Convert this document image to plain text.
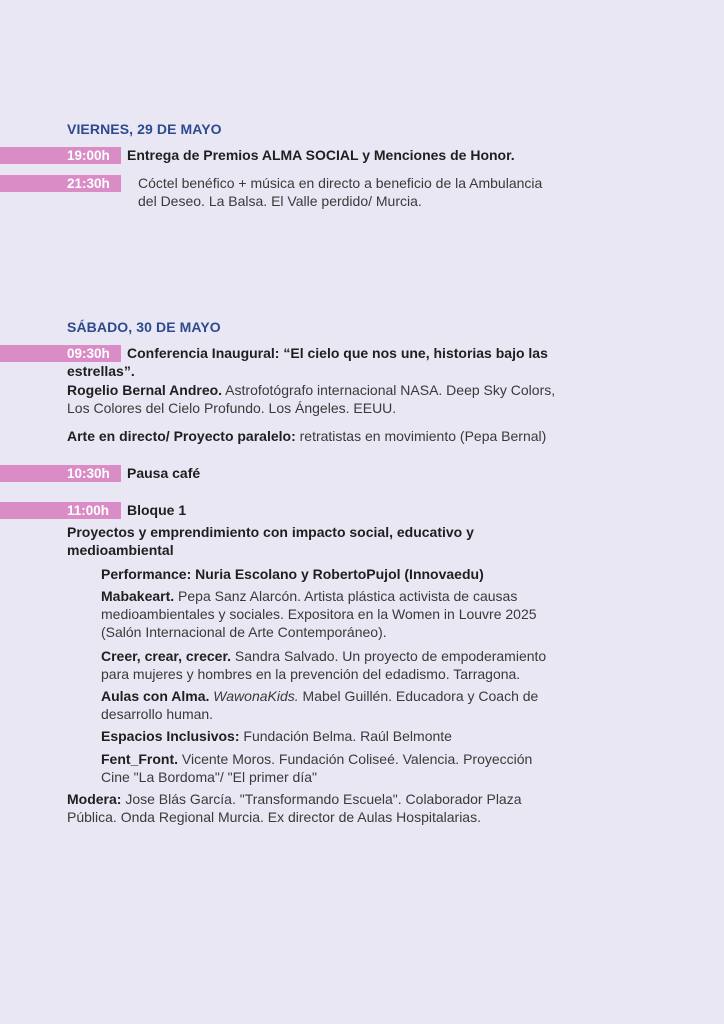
VIERNES, 29 DE MAYO
19:00h Entrega de Premios ALMA SOCIAL y Menciones de Honor.
21:30h Cóctel benéfico + música en directo a beneficio de la Ambulancia
del Deseo. La Balsa. El Valle perdido/ Murcia.
SÁBADO, 30 DE MAYO
09:30h Conferencia Inaugural: “El cielo que nos une, historias bajo las
estrellas”.
Rogelio Bernal Andreo. Astrofotógrafo internacional NASA. Deep Sky Colors,
Los Colores del Cielo Profundo. Los Ángeles. EEUU.
Arte en directo/ Proyecto paralelo: retratistas en movimiento (Pepa Bernal)
10:30h Pausa café
11:00h Bloque 1
Proyectos y emprendimiento con impacto social, educativo y
medioambiental
Performance: Nuria Escolano y RobertoPujol (Innovaedu)
Mabakeart. Pepa Sanz Alarcón. Artista plástica activista de causas
medioambientales y sociales. Expositora en la Women in Louvre 2025
(Salón Internacional de Arte Contemporáneo).
Creer, crear, crecer. Sandra Salvado. Un proyecto de empoderamiento
para mujeres y hombres en la prevención del edadismo. Tarragona.
Aulas con Alma. WawonaKids. Mabel Guillén. Educadora y Coach de
desarrollo human.
Espacios Inclusivos: Fundación Belma. Raúl Belmonte
Fent_Front. Vicente Moros. Fundación Coliseé. Valencia. Proyección
Cine "La Bordoma"/ "El primer día"
Modera: Jose Blás García. "Transformando Escuela". Colaborador Plaza
Pública. Onda Regional Murcia. Ex director de Aulas Hospitalarias.
